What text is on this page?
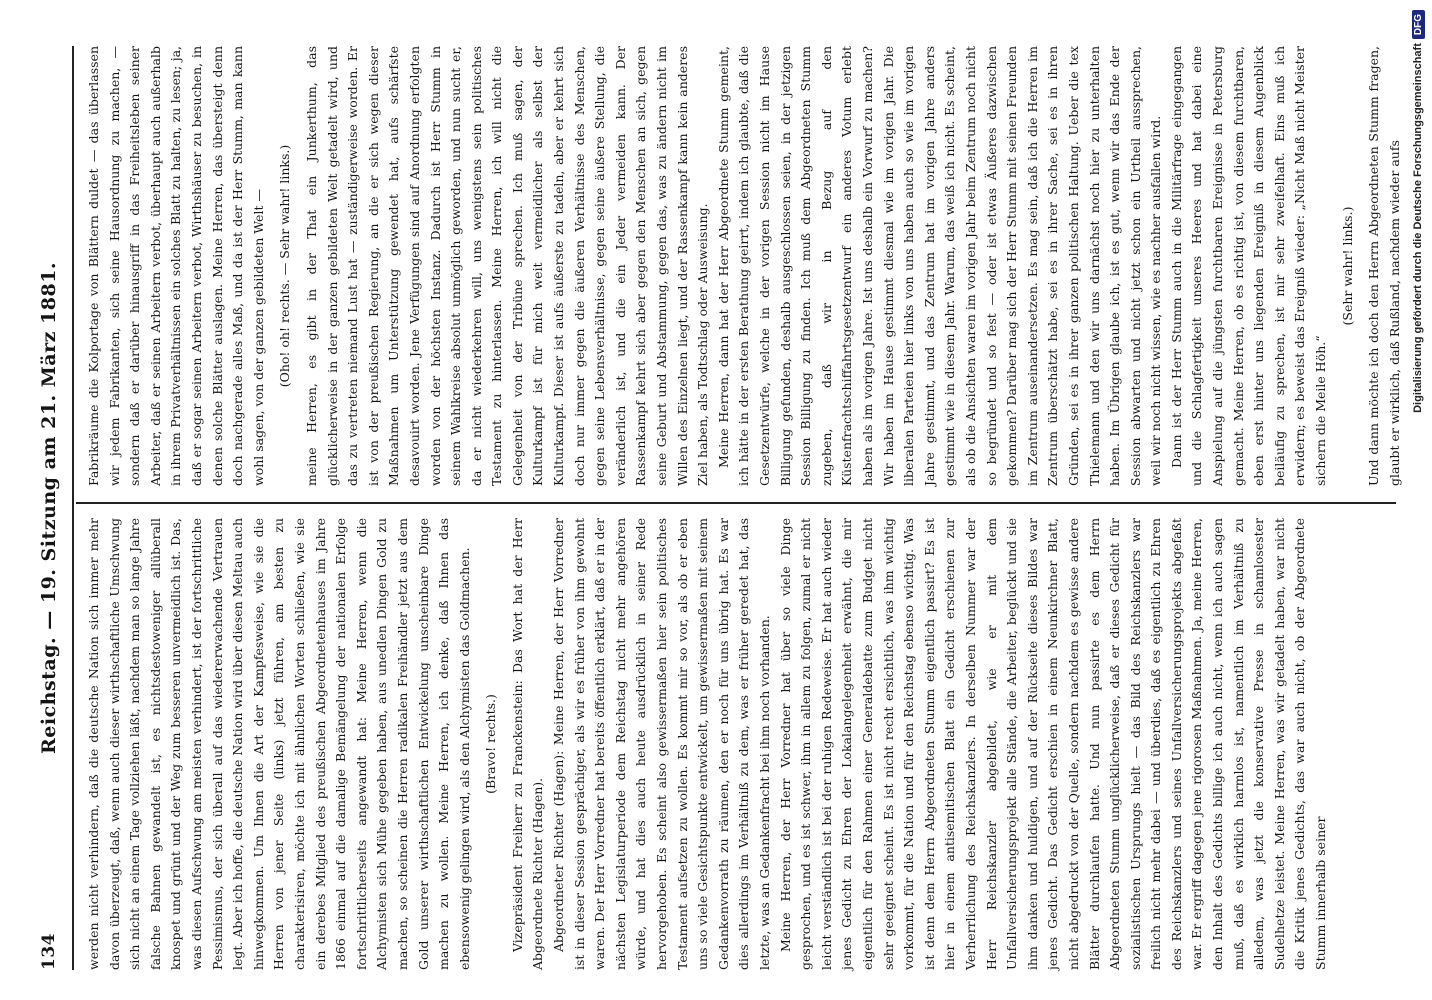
134
Reichstag. — 19. Sitzung am 21. März 1881. werden nicht verhindern, daß die deutsche Nation sich immer mehr davon überzeugt, daß, wenn auch dieser wirthschaftliche Umschwung sich nicht an einem Tage vollziehen läßt, nachdem man so lange Jahre falsche Bahnen gewandelt ist, es nichtsdestoweniger allüberall knospet und grünt und der Weg zum besseren unvermeidlich ist. Das, was diesen Aufschwung am meisten verhindert, ist der fortschrittliche Pessimismus, der sich überall auf das wiedererwachende Vertrauen legt. Aber ich hoffe, die deutsche Nation wird über diesen Meltau auch hinwegkommen. Um Ihnen die Art der Kampfesweise, wie sie die Herren von jener Seite (links) jetzt führen, am besten zu charakterisiren, möchte ich mit ähnlichen Worten schließen, wie sie ein derebes Mitglied des preußischen Abgeordnetenhauses im Jahre 1866 einmal auf die damalige Bemängelung der nationalen Erfolge fortschrittlicherseits angewandt hat: Meine Herren, wenn die Alchymisten sich Mühe gegeben haben, aus unedlen Dingen Gold zu machen, so scheinen die Herren radikalen Freihändler jetzt aus dem Gold unserer wirthschaftlichen Entwickelung unscheinbare Dinge machen zu wollen. Meine Herren, ich denke, daß Ihnen das ebensowenig gelingen wird, als den Alchymisten das Goldmachen. (Bravo! rechts.) Vizepräsident Freiherr zu Franckenstein: Das Wort hat der Herr Abgeordnete Richter (Hagen). Abgeordneter Richter (Hagen): Meine Herren, der Herr Vorredner ist in dieser Session gesprächiger, als wir es früher von ihm gewohnt waren. Der Herr Vorredner hat bereits öffentlich erklärt, daß er in der nächsten Legislaturperiode dem Reichstag nicht mehr angehören würde, und hat dies auch heute ausdrücklich in seiner Rede hervorgehoben. Es scheint also gewissermaßen hier sein politisches Testament aufsetzen zu wollen. Es kommt mir so vor, als ob er eben uns so viele Gesichtspunkte entwickelt, um gewissermaßen mit seinem Gedankenvorrath zu räumen, den er noch für uns übrig hat. Es war dies allerdings im Verhältniß zu dem, was er früher geredet hat, das letzte, was an Gedankenfracht bei ihm noch vorhanden. Meine Herren, der Herr Vorredner hat über so viele Dinge gesprochen, und es ist schwer, ihm in allem zu folgen, zumal er nicht leicht verständlich ist bei der ruhigen Redeweise. Er hat auch wieder jenes Gedicht zu Ehren der Lokalangelegenheit erwähnt, die mir eigentlich für den Rahmen einer Generaldebatte zum Budget nicht sehr geeignet scheint. Es ist nicht recht ersichtlich, was ihm wichtig vorkommt, für die Nation und für den Reichstag ebenso wichtig. Was ist denn dem Herrn Abgeordneten Stumm eigentlich passirt? Es ist hier in einem antisemitischen Blatt ein Gedicht erschienen zur Verherrlichung des Reichskanzlers. In derselben Nummer war der Herr Reichskanzler abgebildet, wie er mit dem Unfallversicherungsprojekt alle Stände, die Arbeiter, beglückt und sie ihm danken und huldigen, und auf der Rückseite dieses Bildes war jenes Gedicht. Das Gedicht erschien in einem Neunkirchner Blatt, nicht abgedruckt von der Quelle, sondern nachdem es gewisse andere Blätter durchlaufen hatte. Und nun passirte es dem Herrn Abgeordneten Stumm unglücklicherweise, daß er dieses Gedicht für sozialistischen Ursprungs hielt — das Bild des Reichskanzlers war freilich nicht mehr dabei — und überdies, daß es eigentlich zu Ehren des Reichskanzlers und seines Unfallversicherungsprojekts abgefaßt war. Er ergriff dagegen jene rigorosen Maßnahmen. Ja, meine Herren, den Inhalt des Gedichts billige ich auch nicht, wenn ich auch sagen muß, daß es wirklich harmlos ist, namentlich im Verhältniß zu alledem, was jetzt die konservative Presse in schamlosester Sudelhetze leistet. Meine Herren, was wir getadelt haben, war nicht die Kritik jenes Gedichts, das war auch nicht, ob der Abgeordnete Stumm innerhalb seiner

Fabrikräume die Kolportage von Blättern duldet — das überlassen wir jedem Fabrikanten, sich seine Hausordnung zu machen, — sondern daß er darüber hinausgriff in das Freiheitsleben seiner Arbeiter, daß er seinen Arbeitern verbot, überhaupt auch außerhalb in ihrem Privatverhältnissen ein solches Blatt zu halten, zu lesen; ja, daß er sogar seinen Arbeitern verbot, Wirthshäuser zu besuchen, in denen solche Blätter auslagen. Meine Herren, das übersteigt denn doch nachgerade alles Maß, und da ist der Herr Stumm, man kann wohl sagen, von der ganzen gebildeten Welt — (Oho! oh! rechts. — Sehr wahr! links.) meine Herren, es gibt in der That ein Junkerthum, das glücklicherweise in der ganzen gebildeten Welt getadelt wird, und das zu vertreten niemand Lust hat — zuständigerweise worden. Er ist von der preußischen Regierung, an die er sich wegen dieser Maßnahmen um Unterstützung gewendet hat, aufs schärfste desavouirt worden. Jene Verfügungen sind auf Anordnung erfolgten worden von der höchsten Instanz. Dadurch ist Herr Stumm in seinem Wahlkreise absolut unmöglich geworden, und nun sucht er, da er nicht wiederkehren will, uns wenigstens sein politisches Testament zu hinterlassen. Meine Herren, ich will nicht die Gelegenheit von der Tribüne sprechen. Ich muß sagen, der Kulturkampf ist für mich weit vermeidlicher als selbst der Kulturkampf. Dieser ist aufs äußerste zu tadeln, aber er kehrt sich doch nur immer gegen die äußeren Verhältnisse des Menschen, gegen seine Lebensverhältnisse, gegen seine äußere Stellung, die veränderlich ist, und die ein Jeder vermeiden kann. Der Rassenkampf kehrt sich aber gegen den Menschen an sich, gegen seine Geburt und Abstammung, gegen das, was zu ändern nicht im Willen des Einzelnen liegt, und der Rassenkampf kann kein anderes Ziel haben, als Todtschlag oder Ausweisung. Meine Herren, dann hat der Herr Abgeordnete Stumm gemeint, ich hätte in der ersten Berathung geirrt, indem ich glaubte, daß die Gesetzentwürfe, welche in der vorigen Session nicht im Hause Billigung gefunden, deshalb ausgeschlossen seien, in der jetzigen Session Billigung zu finden. Ich muß dem Abgeordneten Stumm zugeben, daß wir in Bezug auf den Küstenfrachtschiffahrtsgesetzentwurf ein anderes Votum erlebt haben als im vorigen Jahre. Ist uns deshalb ein Vorwurf zu machen? Wir haben im Hause gestimmt diesmal wie im vorigen Jahr. Die liberalen Parteien hier links von uns haben auch so wie im vorigen Jahre gestimmt, und das Zentrum hat im vorigen Jahre anders gestimmt wie in diesem Jahr. Warum, das weiß ich nicht. Es scheint, als ob die Ansichten waren im vorigen Jahr beim Zentrum noch nicht so begründet und so fest — oder ist etwas Äußeres dazwischen gekommen? Darüber mag sich der Herr Stumm mit seinen Freunden im Zentrum auseinandersetzen. Es mag sein, daß ich die Herren im Zentrum überschätzt habe, sei es in ihrer Sache, sei es in ihren Gründen, sei es in ihrer ganzen politischen Haltung. Ueber die tex Thielemann und den wir uns darnächst noch hier zu unterhalten haben. Im Übrigen glaube ich, ist es gut, wenn wir das Ende der Session abwarten und nicht jetzt schon ein Urtheil aussprechen, weil wir noch nicht wissen, wie es nachher ausfallen wird. Dann ist der Herr Stumm auch in die Militärfrage eingegangen und die Schlagfertigkeit unseres Heeres und hat dabei eine Anspielung auf die jüngsten furchtbaren Ereignisse in Petersburg gemacht. Meine Herren, ob es richtig ist, von diesem furchtbaren, eben erst hinter uns liegenden Ereigniß in diesem Augenblick beiläufig zu sprechen, ist mir sehr zweifelhaft. Eins muß ich erwidern; es beweist das Ereigniß wieder: „Nicht Maß nicht Meister sichern die Meile Höh.“

(Sehr wahr! links.) Und dann möchte ich doch den Herrn Abgeordneten Stumm fragen, glaubt er wirklich, daß Rußland, nachdem wieder aufs Digitalisierung gefördert durch die Deutsche Forschungsgemeinschaft
DFG
